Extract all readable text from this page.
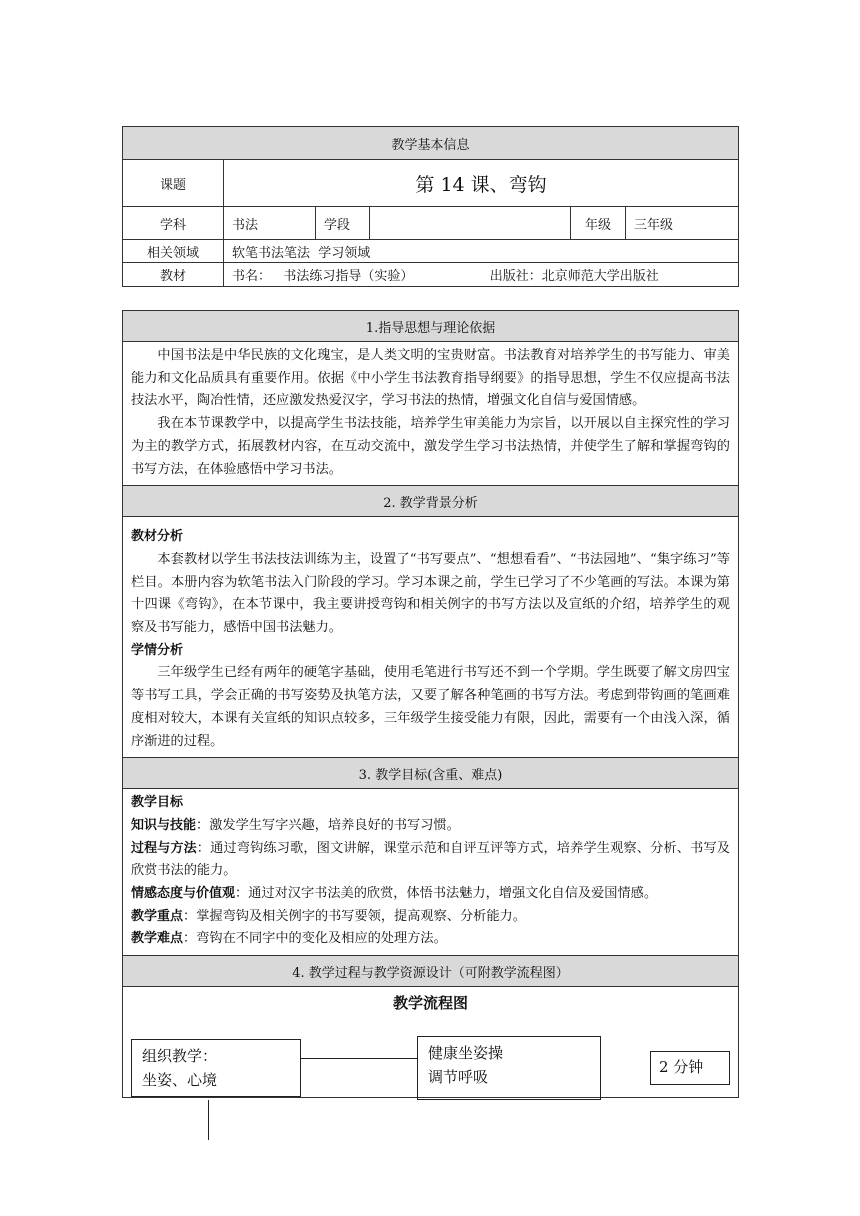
教学基本信息					
课题	第 14 课、弯钩				
学科	书法	学段		年级	三年级
相关领域	软笔书法笔法  学习领域				
教材	书名：   书法练习指导（实验） 出版社：北京师范大学出版社				
1.指导思想与理论依据

中国书法是中华民族的文化瑰宝，是人类文明的宝贵财富。书法教育对培养学生的书写能力、审美能力和文化品质具有重要作用。依据《中小学生书法教育指导纲要》的指导思想，学生不仅应提高书法技法水平，陶冶性情，还应激发热爱汉字，学习书法的热情，增强文化自信与爱国情感。

我在本节课教学中，以提高学生书法技能，培养学生审美能力为宗旨，以开展以自主探究性的学习为主的教学方式，拓展教材内容，在互动交流中，激发学生学习书法热情，并使学生了解和掌握弯钩的书写方法，在体验感悟中学习书法。

2. 教学背景分析

教材分析

本套教材以学生书法技法训练为主，设置了“书写要点”、“想想看看”、“书法园地”、“集字练习”等栏目。本册内容为软笔书法入门阶段的学习。学习本课之前，学生已学习了不少笔画的写法。本课为第十四课《弯钩》，在本节课中，我主要讲授弯钩和相关例字的书写方法以及宣纸的介绍，培养学生的观察及书写能力，感悟中国书法魅力。

学情分析

三年级学生已经有两年的硬笔字基础，使用毛笔进行书写还不到一个学期。学生既要了解文房四宝等书写工具，学会正确的书写姿势及执笔方法，又要了解各种笔画的书写方法。考虑到带钩画的笔画难度相对较大，本课有关宣纸的知识点较多，三年级学生接受能力有限，因此，需要有一个由浅入深，循序渐进的过程。

3. 教学目标(含重、难点)

教学目标

知识与技能：激发学生写字兴趣，培养良好的书写习惯。

过程与方法：通过弯钩练习歌，图文讲解，课堂示范和自评互评等方式，培养学生观察、分析、书写及欣赏书法的能力。

情感态度与价值观：通过对汉字书法美的欣赏，体悟书法魅力，增强文化自信及爱国情感。

教学重点：掌握弯钩及相关例字的书写要领，提高观察、分析能力。

教学难点：弯钩在不同字中的变化及相应的处理方法。

4. 教学过程与教学资源设计（可附教学流程图）

教学流程图
组织教学：
坐姿、心境
健康坐姿操
调节呼吸
2 分钟
